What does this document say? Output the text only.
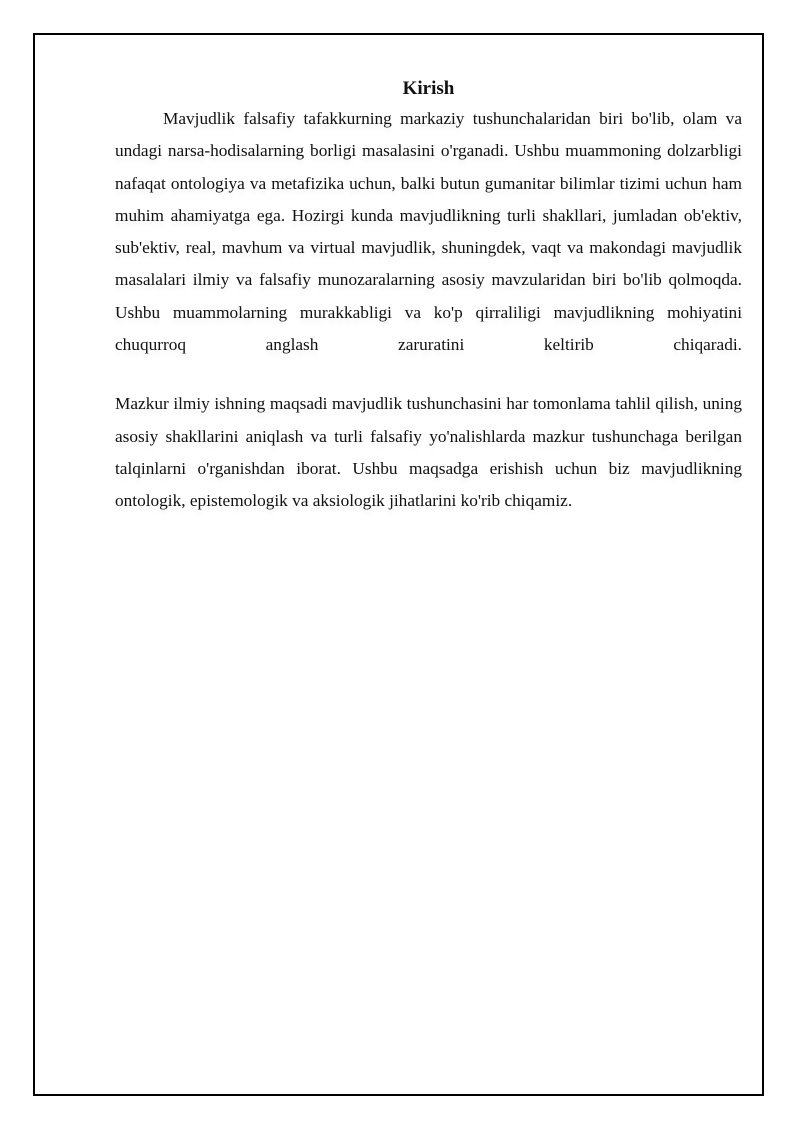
Kirish

Mavjudlik falsafiy tafakkurning markaziy tushunchalaridan biri bo'lib, olam va undagi narsa-hodisalarning borligi masalasini o'rganadi. Ushbu muammoning dolzarbligi nafaqat ontologiya va metafizika uchun, balki butun gumanitar bilimlar tizimi uchun ham muhim ahamiyatga ega. Hozirgi kunda mavjudlikning turli shakllari, jumladan ob'ektiv, sub'ektiv, real, mavhum va virtual mavjudlik, shuningdek, vaqt va makondagi mavjudlik masalalari ilmiy va falsafiy munozaralarning asosiy mavzularidan biri bo'lib qolmoqda. Ushbu muammolarning murakkabligi va ko'p qirraliligi mavjudlikning mohiyatini chuqurroq anglash zaruratini keltirib chiqaradi.

Mazkur ilmiy ishning maqsadi mavjudlik tushunchasini har tomonlama tahlil qilish, uning asosiy shakllarini aniqlash va turli falsafiy yo'nalishlarda mazkur tushunchaga berilgan talqinlarni o'rganishdan iborat. Ushbu maqsadga erishish uchun biz mavjudlikning ontologik, epistemologik va aksiologik jihatlarini ko'rib chiqamiz.
